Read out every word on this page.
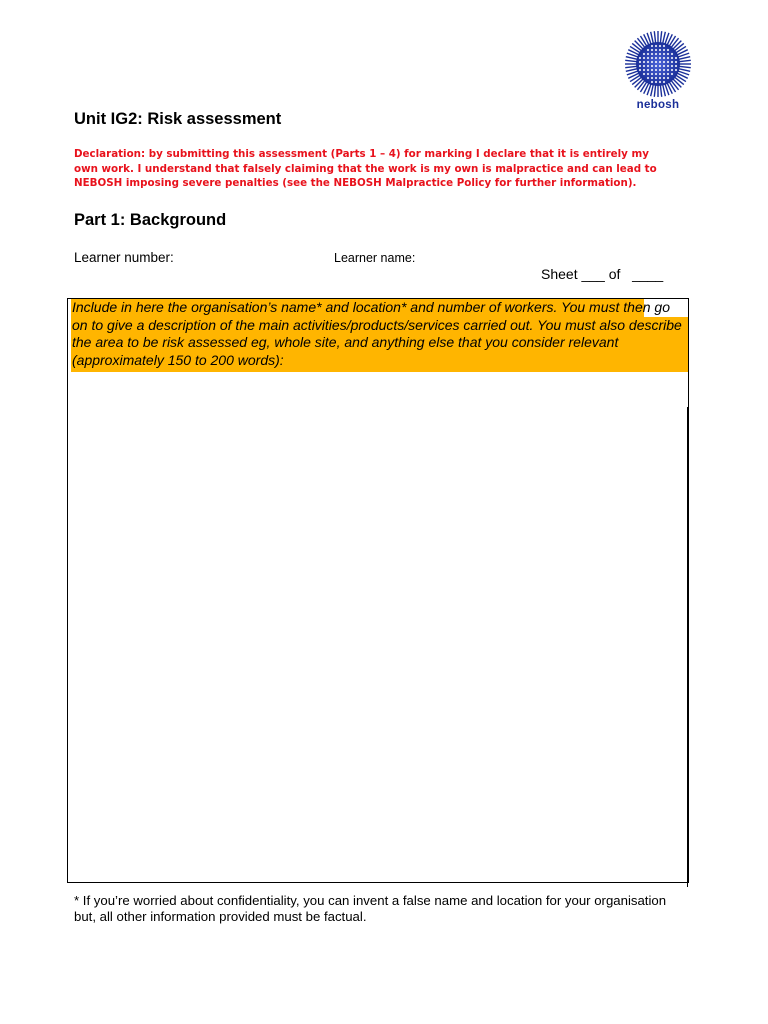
nebosh
Unit IG2: Risk assessment
Declaration: by submitting this assessment (Parts 1 – 4) for marking I declare that it is entirely my own work. I understand that falsely claiming that the work is my own is malpractice and can lead to NEBOSH imposing severe penalties (see the NEBOSH Malpractice Policy for further information).
Part 1: Background
Learner number:	Learner name:
Sheet ___ of   ____

Include in here the organisation’s name* and location* and number of workers. You must then go on to give a description of the main activities/products/services carried out. You must also describe the area to be risk assessed eg, whole site, and anything else that you consider relevant (approximately 150 to 200 words):

* If you’re worried about confidentiality, you can invent a false name and location for your organisation but, all other information provided must be factual.
